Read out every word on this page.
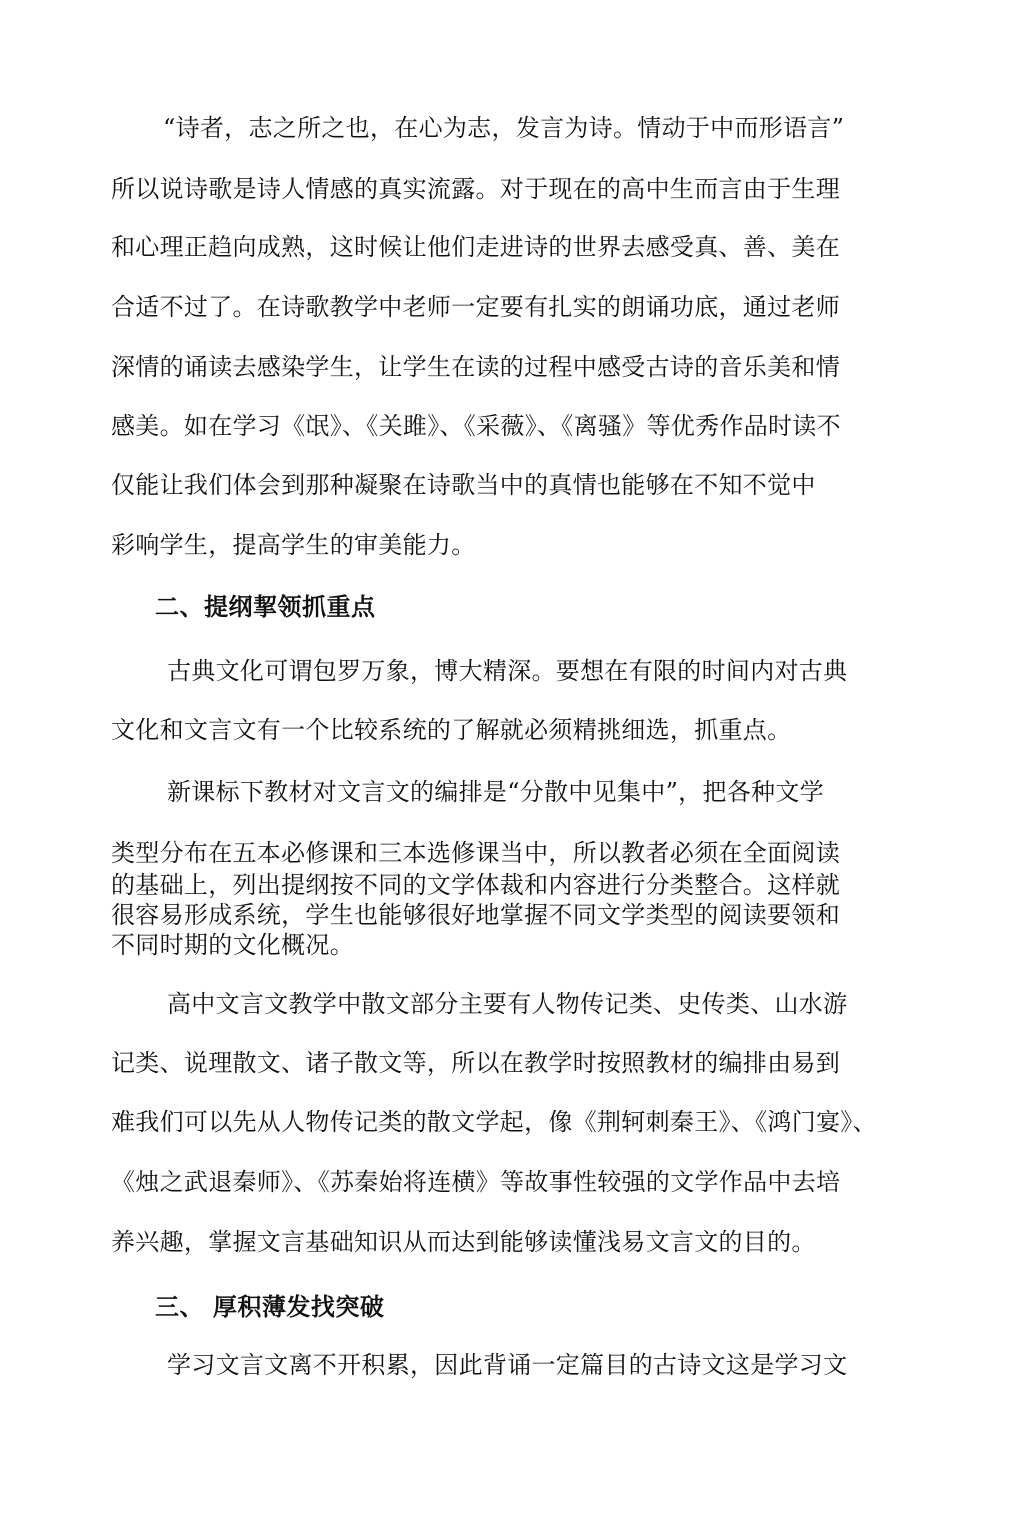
“诗者，志之所之也，在心为志，发言为诗。情动于中而形语言”
所以说诗歌是诗人情感的真实流露。对于现在的高中生而言由于生理
和心理正趋向成熟，这时候让他们走进诗的世界去感受真、善、美在
合适不过了。在诗歌教学中老师一定要有扎实的朗诵功底，通过老师
深情的诵读去感染学生，让学生在读的过程中感受古诗的音乐美和情
感美。如在学习《氓》、《关雎》、《采薇》、《离骚》等优秀作品时读不
仅能让我们体会到那种凝聚在诗歌当中的真情也能够在不知不觉中
彩响学生，提高学生的审美能力。
二、提纲挈领抓重点
古典文化可谓包罗万象，博大精深。要想在有限的时间内对古典
文化和文言文有一个比较系统的了解就必须精挑细选，抓重点。
新课标下教材对文言文的编排是“分散中见集中”，把各种文学
类型分布在五本必修课和三本选修课当中，所以教者必须在全面阅读
的基础上，列出提纲按不同的文学体裁和内容进行分类整合。这样就
很容易形成系统，学生也能够很好地掌握不同文学类型的阅读要领和
不同时期的文化概况。
高中文言文教学中散文部分主要有人物传记类、史传类、山水游
记类、说理散文、诸子散文等，所以在教学时按照教材的编排由易到
难我们可以先从人物传记类的散文学起，像《荆轲刺秦王》、《鸿门宴》、
《烛之武退秦师》、《苏秦始将连横》等故事性较强的文学作品中去培
养兴趣，掌握文言基础知识从而达到能够读懂浅易文言文的目的。
三、 厚积薄发找突破
学习文言文离不开积累，因此背诵一定篇目的古诗文这是学习文
